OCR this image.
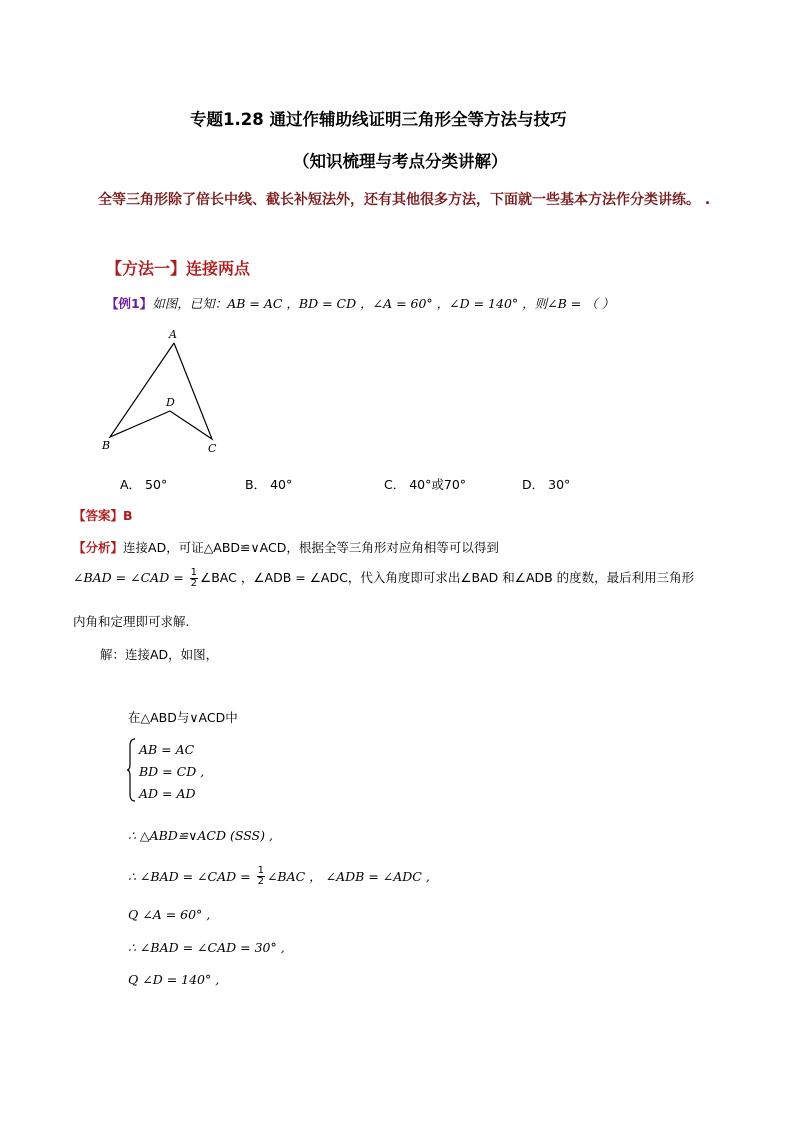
专题1.28 通过作辅助线证明三角形全等方法与技巧
（知识梳理与考点分类讲解）
全等三角形除了倍长中线、截长补短法外，还有其他很多方法，下面就一些基本方法作分类讲练。 .
【方法一】连接两点
【例1】如图，已知：AB = AC ，BD = CD ，∠A = 60° ，∠D = 140° ，则∠B = （ ）
A
B	C
D
A． 50°	B． 40°	C． 40°或70°	D． 30°
【答案】B
【分析】连接AD，可证△ABD≌∨ACD，根据全等三角形对应角相等可以得到
∠BAD = ∠CAD = $\frac{1}{2}$ ∠BAC ，∠ADB = ∠ADC，代入角度即可求出∠BAD 和∠ADB 的度数，最后利用三角形
内角和定理即可求解.
解：连接AD，如图，
在△ABD与∨ACD中
AB = AC
BD = CD ,
AD = AD
∴ △ABD≌∨ACD (SSS) ,
∴ ∠BAD = ∠CAD = $\frac{1}{2}$ ∠BAC ， ∠ADB = ∠ADC ,
Q ∠A = 60° ,
∴ ∠BAD = ∠CAD = 30° ,
Q ∠D = 140° ,
